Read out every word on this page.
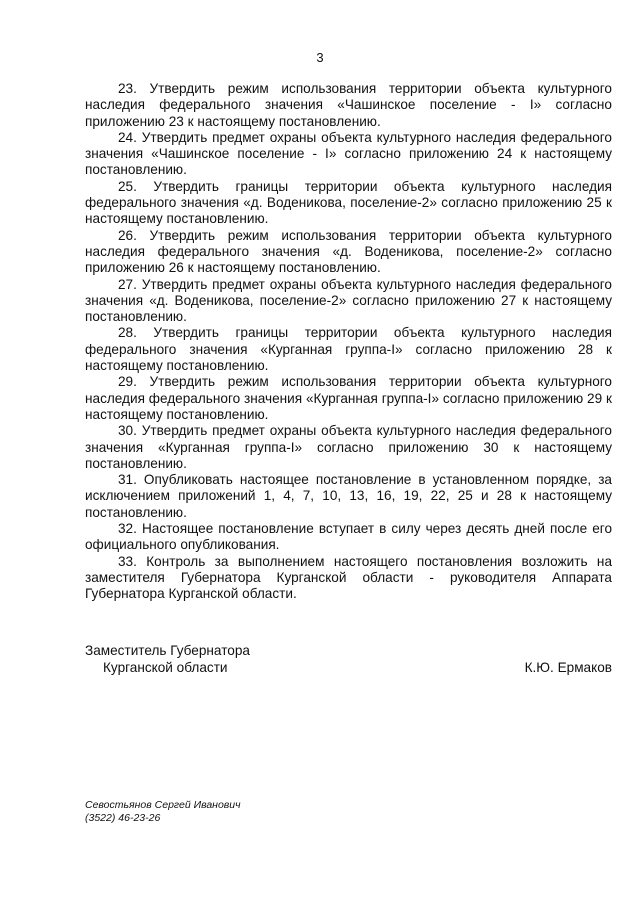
3

23. Утвердить режим использования территории объекта культурного наследия федерального значения «Чашинское поселение - I» согласно приложению 23 к настоящему постановлению.

24. Утвердить предмет охраны объекта культурного наследия федерального значения «Чашинское поселение - I» согласно приложению 24 к настоящему постановлению.

25. Утвердить границы территории объекта культурного наследия федерального значения «д. Воденикова, поселение-2» согласно приложению 25 к настоящему постановлению.

26. Утвердить режим использования территории объекта культурного наследия федерального значения «д. Воденикова, поселение-2» согласно приложению 26 к настоящему постановлению.

27. Утвердить предмет охраны объекта культурного наследия федерального значения «д. Воденикова, поселение-2» согласно приложению 27 к настоящему постановлению.

28. Утвердить границы территории объекта культурного наследия федерального значения «Курганная группа-I» согласно приложению 28 к настоящему постановлению.

29. Утвердить режим использования территории объекта культурного наследия федерального значения «Курганная группа-I» согласно приложению 29 к настоящему постановлению.

30. Утвердить предмет охраны объекта культурного наследия федерального значения «Курганная группа-I» согласно приложению 30 к настоящему постановлению.

31. Опубликовать настоящее постановление в установленном порядке, за исключением приложений 1, 4, 7, 10, 13, 16, 19, 22, 25 и 28 к настоящему постановлению.

32. Настоящее постановление вступает в силу через десять дней после его официального опубликования.

33. Контроль за выполнением настоящего постановления возложить на заместителя Губернатора Курганской области - руководителя Аппарата Губернатора Курганской области.

Заместитель Губернатора
Курганской области	К.Ю. Ермаков
Севостьянов Сергей Иванович
(3522) 46-23-26
